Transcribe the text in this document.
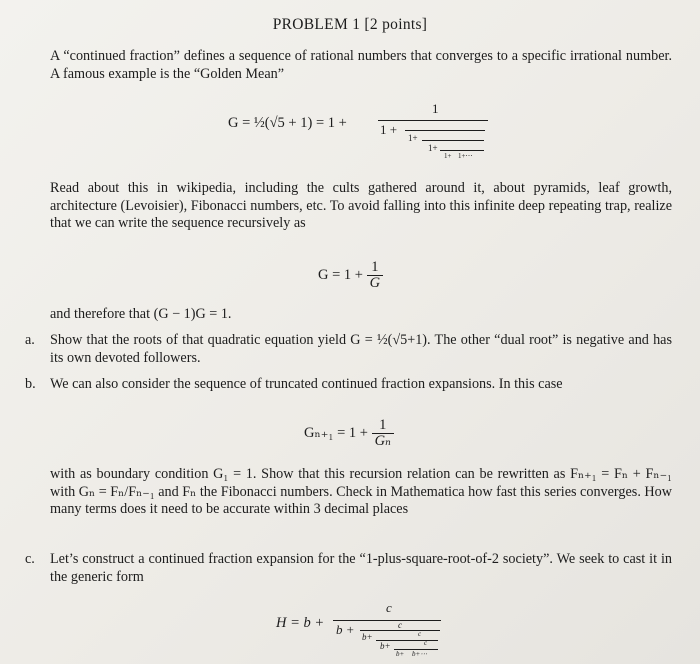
PROBLEM 1 [2 points]
A “continued fraction” defines a sequence of rational numbers that converges to a specific irrational number. A famous example is the “Golden Mean”
G = ½(√5 + 1) = 1 +
1
1 +
1+
1+
1+ 1+⋯
Read about this in wikipedia, including the cults gathered around it, about pyramids, leaf growth, architecture (Levoisier), Fibonacci numbers, etc. To avoid falling into this infinite deep repeating trap, realize that we can write the sequence recursively as
$G = 1 + \frac{1}{G}$
and therefore that (G − 1)G = 1.
a. Show that the roots of that quadratic equation yield G = ½(√5+1). The other “dual root” is negative and has its own devoted followers.
b. We can also consider the sequence of truncated continued fraction expansions. In this case
$G_{n+1} = 1 + \frac{1}{\text{Gₙ}}$
with as boundary condition G₁ = 1. Show that this recursion relation can be rewritten as Fₙ₊₁ = Fₙ + Fₙ₋₁ with Gₙ = Fₙ/Fₙ₋₁ and Fₙ the Fibonacci numbers. Check in Mathematica how fast this series converges. How many terms does it need to be accurate within 3 decimal places
c. Let’s construct a continued fraction expansion for the “1-plus-square-root-of-2 society”. We seek to cast it in the generic form
H = b +
c
b +	c
b+	c
b+	c
b+ b+⋯
